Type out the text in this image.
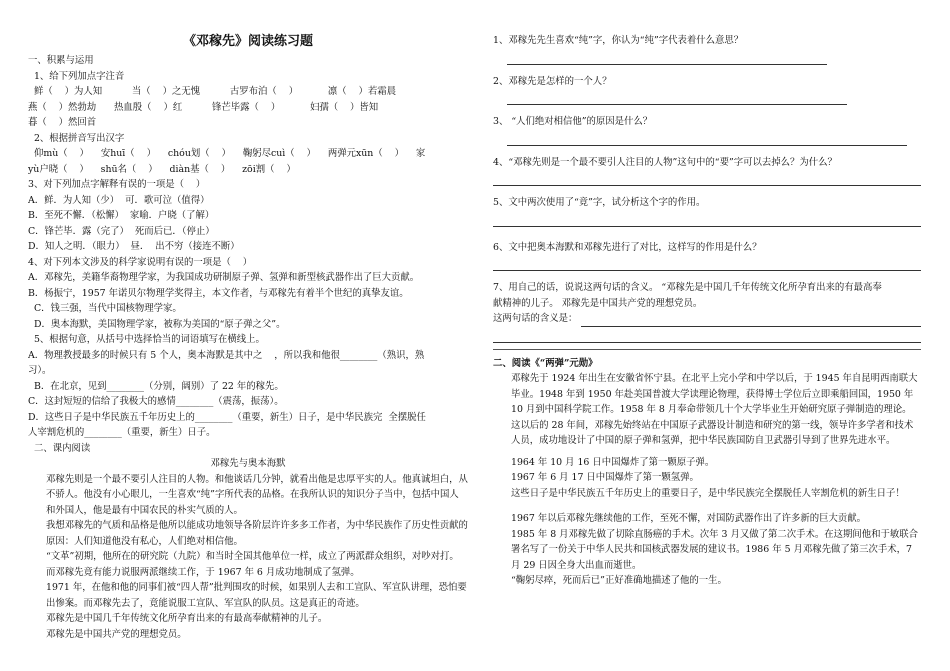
《邓稼先》阅读练习题
一、积累与运用
1、给下列加点字注音
鲜（    ）为人知          当（    ）之无愧          古罗布泊（    ）          凛（    ）若霜晨
燕（    ）然勃劫      热血殷（    ）红          锋芒毕露（    ）          妇孺（    ）皆知
暮（    ）然回首
2、根据拼音写出汉字
仰mù（    ）    安huī（    ）    chóu划（    ）    鞠躬尽cuì（    ）    两弹元xūn（    ）    家
yù户晓（    ）    shū名（    ）    diàn基（    ）    zōi割（    ）
3、对下列加点字解释有误的一项是（    ）
A．鲜．为人知（少）  可．歌可泣（值得）
B．至死不懈．（松懈）  家喻．户晓（了解）
C．锋芒毕．露（完了）  死而后已．（停止）
D．知人之明．（眼力）  昼．  出不穷（接连不断）
4、对下列本文涉及的科学家说明有误的一项是（    ）
A．邓稼先，美籍华裔物理学家，为我国成功研制原子弹、氢弹和新型核武器作出了巨大贡献。
B．杨振宁，1957 年诺贝尔物理学奖得主，本文作者，与邓稼先有着半个世纪的真挚友谊。
C．钱三强，当代中国核物理学家。
D．奥本海默，美国物理学家，被称为美国的“原子弹之父”。
5、根据句意，从括号中选择恰当的词语填写在横线上。
A．物理教授最多的时候只有 5 个人，奥本海默是其中之    ，所以我和他很________（熟识，熟
习）。
B．在北京，见到________（分别，阔别）了 22 年的稼先。
C．这封短短的信给了我极大的感情________（震荡，振荡）。
D．这些日子是中华民族五千年历史上的________（重要，新生）日子，是中华民族完  全摆脱任
人宰割危机的________（重要，新生）日子。
二、课内阅读
邓稼先与奥本海默
邓稼先则是一个最不要引人注目的人物。和他谈话几分钟，就看出他是忠厚平实的人。他真诚坦白，从不骄人。他没有小心眼儿，一生喜欢“纯”字所代表的品格。在我所认识的知识分子当中，包括中国人和外国人，他是最有中国农民的朴实气质的人。
我想邓稼先的气质和品格是他所以能成功地领导各阶层许许多多工作者，为中华民族作了历史性贡献的原因：人们知道他没有私心，人们绝对相信他。
“文革”初期，他所在的研究院（九院）和当时全国其他单位一样，成立了两派群众组织，对吵对打。而邓稼先竟有能力说服两派继续工作，于 1967 年 6 月成功地制成了氢弹。
1971 年，在他和他的同事们被“四人帮”批判围攻的时候，如果别人去和工宣队、军宣队讲理，恐怕要出惨案。而邓稼先去了，竟能说服工宣队、军宣队的队员。这是真正的奇迹。
邓稼先是中国几千年传统文化所孕育出来的有最高奉献精神的儿子。
邓稼先是中国共产党的理想党员。
1、邓稼先先生喜欢“纯”字，你认为“纯”字代表着什么意思？
2、邓稼先是怎样的一个人？
3、 “人们绝对相信他”的原因是什么？
4、“邓稼先则是一个最不要引人注目的人物”这句中的“要”字可以去掉么？为什么？
5、文中两次使用了“竟”字，试分析这个字的作用。
6、文中把奥本海默和邓稼先进行了对比，这样写的作用是什么？
7、用自己的话，说说这两句话的含义。 “邓稼先是中国几千年传统文化所孕育出来的有最高奉
献精神的儿子。 邓稼先是中国共产党的理想党员。
这两句话的含义是：
二、阅读《“两弹”元勋》
邓稼先于 1924 年出生在安徽省怀宁县。在北平上完小学和中学以后，于 1945 年自昆明西南联大毕业。1948 年到 1950 年赴美国普渡大学读理论物理，获得博士学位后立即乘船回国，1950 年 10 月到中国科学院工作。1958 年 8 月奉命带领几十个大学毕业生开始研究原子弹制造的理论。
这以后的 28 年间，邓稼先始终站在中国原子武器设计制造和研究的第一线，领导许多学者和技术人员，成功地设计了中国的原子弹和氢弹，把中华民族国防自卫武器引导到了世界先进水平。
1964 年 10 月 16 日中国爆炸了第一颗原子弹。
1967 年 6 月 17 日中国爆炸了第一颗氢弹。
这些日子是中华民族五千年历史上的重要日子，是中华民族完全摆脱任人宰割危机的新生日子！
1967 年以后邓稼先继续他的工作，至死不懈，对国防武器作出了许多新的巨大贡献。
1985 年 8 月邓稼先做了切除直肠癌的手术。次年 3 月又做了第二次手术。在这期间他和于敏联合署名写了一份关于中华人民共和国核武器发展的建议书。1986 年 5 月邓稼先做了第三次手术，7 月 29 日因全身大出血而逝世。
“鞠躬尽瘁，死而后已”正好准确地描述了他的一生。
